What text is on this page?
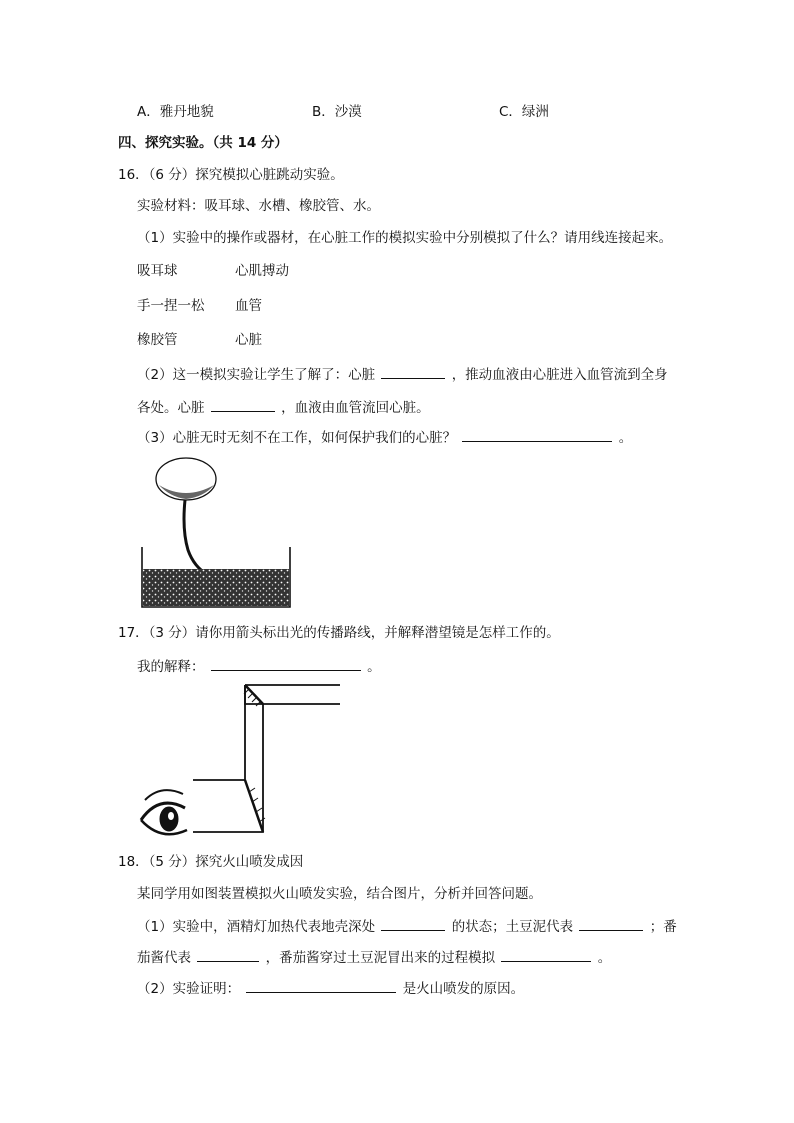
A．雅丹地貌	B．沙漠	C．绿洲
四、探究实验。（共 14 分）
16．（6 分）探究模拟心脏跳动实验。
实验材料：吸耳球、水槽、橡胶管、水。
（1）实验中的操作或器材，在心脏工作的模拟实验中分别模拟了什么？请用线连接起来。
吸耳球	心肌搏动
手一捏一松 血管
橡胶管	心脏
（2）这一模拟实验让学生了解了：心脏	，推动血液由心脏进入血管流到全身
各处。心脏	，血液由血管流回心脏。
（3）心脏无时无刻不在工作，如何保护我们的心脏？	。
17．（3 分）请你用箭头标出光的传播路线，并解释潜望镜是怎样工作的。
我的解释：	。
18．（5 分）探究火山喷发成因
某同学用如图装置模拟火山喷发实验，结合图片，分析并回答问题。
（1）实验中，酒精灯加热代表地壳深处	的状态；土豆泥代表	；番
茄酱代表	，番茄酱穿过土豆泥冒出来的过程模拟	。
（2）实验证明：	是火山喷发的原因。
